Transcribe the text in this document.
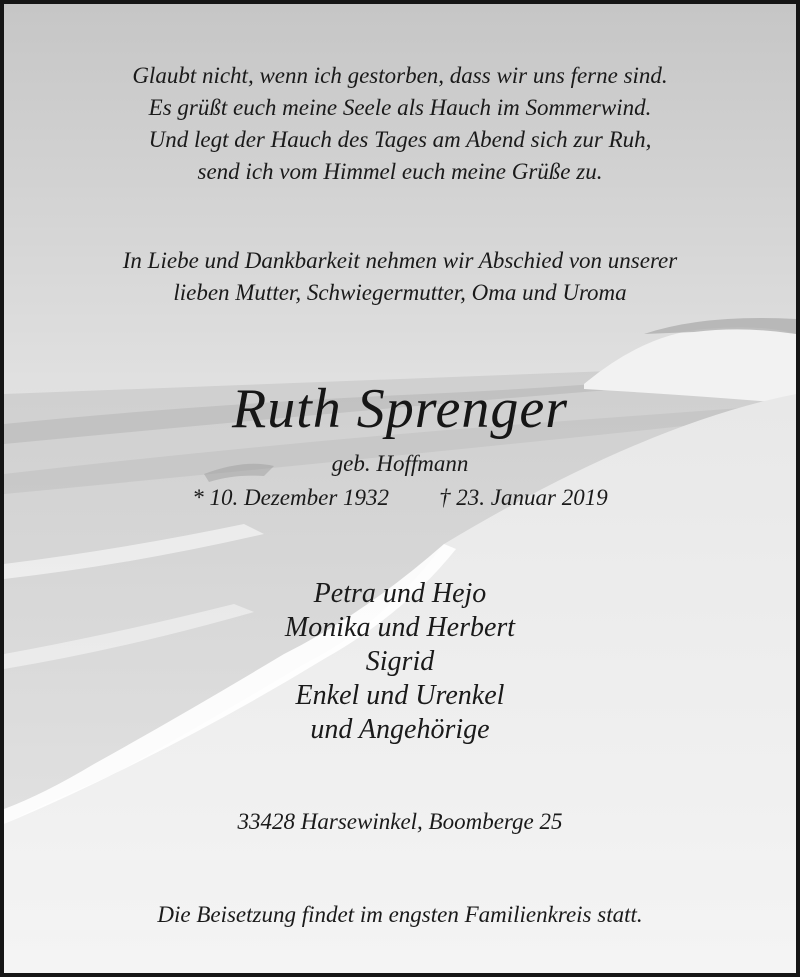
Glaubt nicht, wenn ich gestorben, dass wir uns ferne sind.
Es grüßt euch meine Seele als Hauch im Sommerwind.
Und legt der Hauch des Tages am Abend sich zur Ruh,
send ich vom Himmel euch meine Grüße zu.
In Liebe und Dankbarkeit nehmen wir Abschied von unserer
lieben Mutter, Schwiegermutter, Oma und Uroma
Ruth Sprenger
geb. Hoffmann
* 10. Dezember 1932 † 23. Januar 2019
Petra und Hejo
Monika und Herbert
Sigrid
Enkel und Urenkel
und Angehörige
33428 Harsewinkel, Boomberge 25
Die Beisetzung findet im engsten Familienkreis statt.
